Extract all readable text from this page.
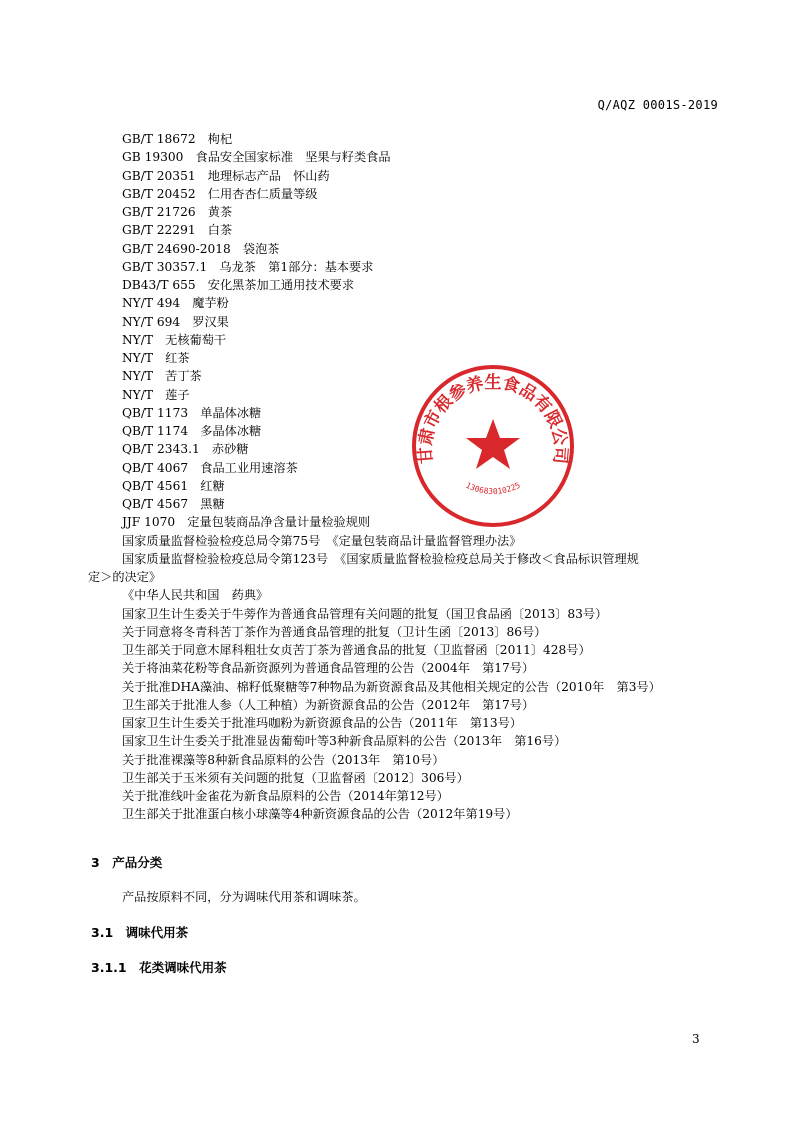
Q/AQZ 0001S-2019
GB/T 18672　枸杞
GB 19300　食品安全国家标准　坚果与籽类食品
GB/T 20351　地理标志产品　怀山药
GB/T 20452　仁用杏杏仁质量等级
GB/T 21726　黄茶
GB/T 22291　白茶
GB/T 24690-2018　袋泡茶
GB/T 30357.1　乌龙茶　第1部分：基本要求
DB43/T 655　安化黑茶加工通用技术要求
NY/T 494　魔芋粉
NY/T 694　罗汉果
NY/T　无核葡萄干
NY/T　红茶
NY/T　苦丁茶
NY/T　莲子
QB/T 1173　单晶体冰糖
QB/T 1174　多晶体冰糖
QB/T 2343.1　赤砂糖
QB/T 4067　食品工业用速溶茶
QB/T 4561　红糖
QB/T 4567　黑糖
JJF 1070　定量包装商品净含量计量检验规则
国家质量监督检验检疫总局令第75号　《定量包装商品计量监督管理办法》
国家质量监督检验检疫总局令第123号　《国家质量监督检验检疫总局关于修改＜食品标识管理规
定＞的决定》
《中华人民共和国　药典》
国家卫生计生委关于牛蒡作为普通食品管理有关问题的批复（国卫食品函〔2013〕83号）
关于同意将冬青科苦丁茶作为普通食品管理的批复（卫计生函〔2013〕86号）
卫生部关于同意木犀科粗壮女贞苦丁茶为普通食品的批复（卫监督函〔2011〕428号）
关于将油菜花粉等食品新资源列为普通食品管理的公告（2004年　第17号）
关于批准DHA藻油、棉籽低聚糖等7种物品为新资源食品及其他相关规定的公告（2010年　第3号）
卫生部关于批准人参（人工种植）为新资源食品的公告（2012年　第17号）
国家卫生计生委关于批准玛咖粉为新资源食品的公告（2011年　第13号）
国家卫生计生委关于批准显齿葡萄叶等3种新食品原料的公告（2013年　第16号）
关于批准裸藻等8种新食品原料的公告（2013年　第10号）
卫生部关于玉米须有关问题的批复（卫监督函〔2012〕306号）
关于批准线叶金雀花为新食品原料的公告（2014年第12号）
卫生部关于批准蛋白核小球藻等4种新资源食品的公告（2012年第19号）
甘肃市根参养生食品有限公司
130683010225
3　产品分类
产品按原料不同，分为调味代用茶和调味茶。
3.1　调味代用茶
3.1.1　花类调味代用茶
3
